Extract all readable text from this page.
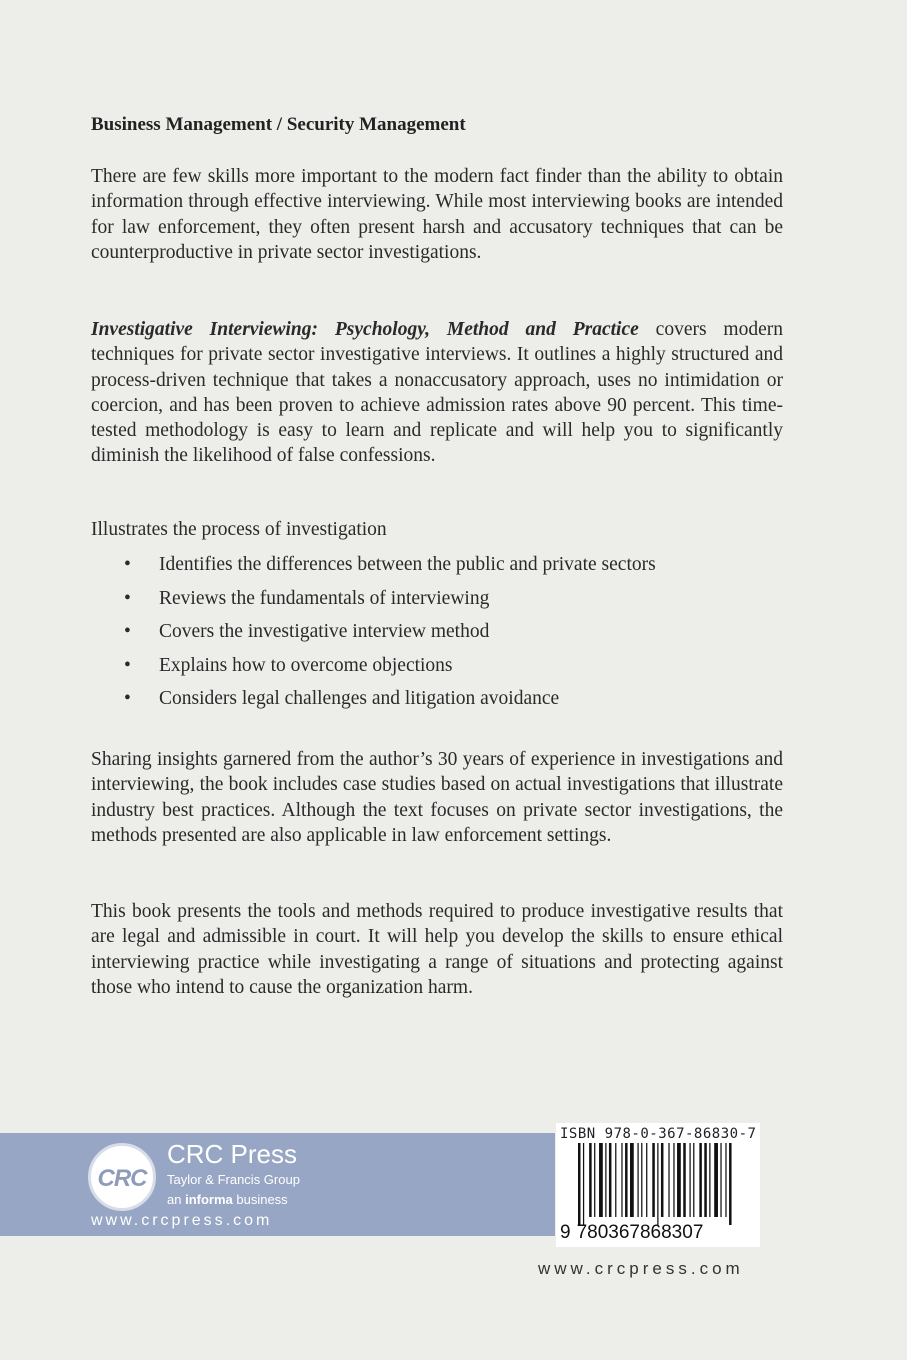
Business Management / Security Management
There are few skills more important to the modern fact finder than the ability to obtain information through effective interviewing. While most interviewing books are intended for law enforcement, they often present harsh and accusatory techniques that can be counterproductive in private sector investigations.
Investigative Interviewing: Psychology, Method and Practice covers modern techniques for private sector investigative interviews. It outlines a highly structured and process-driven technique that takes a nonaccusatory approach, uses no intimidation or coercion, and has been proven to achieve admission rates above 90 percent. This time-tested methodology is easy to learn and replicate and will help you to significantly diminish the likelihood of false confessions.
Illustrates the process of investigation
• Identifies the differences between the public and private sectors
• Reviews the fundamentals of interviewing
• Covers the investigative interview method
• Explains how to overcome objections
• Considers legal challenges and litigation avoidance
Sharing insights garnered from the author’s 30 years of experience in investigations and interviewing, the book includes case studies based on actual investigations that illustrate industry best practices. Although the text focuses on private sector investigations, the methods presented are also applicable in law enforcement settings.
This book presents the tools and methods required to produce investigative results that are legal and admissible in court. It will help you develop the skills to ensure ethical interviewing practice while investigating a range of situations and protecting against those who intend to cause the organization harm.
CRC
CRC Press
Taylor & Francis Group
an informa business
www.crcpress.com
ISBN 978-0-367-86830-7
9 780367868307
www.crcpress.com
